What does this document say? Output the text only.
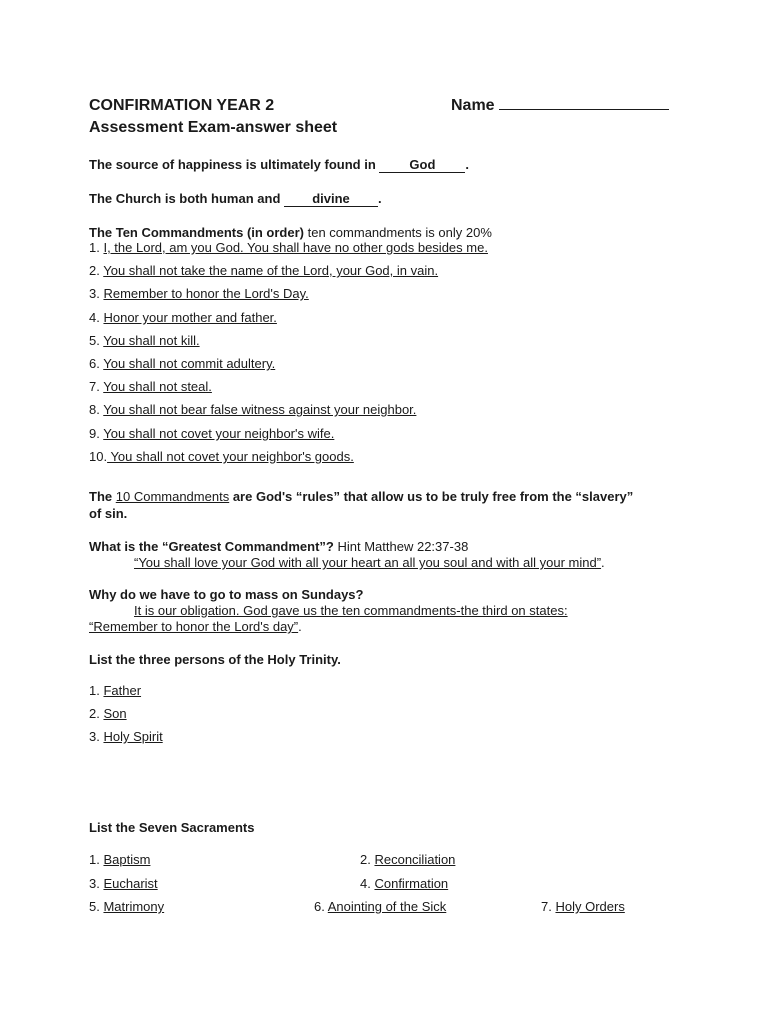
CONFIRMATION YEAR 2	Name
Assessment Exam-answer sheet
The source of happiness is ultimately found in	God .
The Church is both human and divine .
The Ten Commandments (in order) ten commandments is only 20%
1. I, the Lord, am you God. You shall have no other gods besides me.
2. You shall not take the name of the Lord, your God, in vain.
3. Remember to honor the Lord's Day.
4. Honor your mother and father.
5. You shall not kill.
6. You shall not commit adultery.
7. You shall not steal.
8. You shall not bear false witness against your neighbor.
9. You shall not covet your neighbor's wife.
10. You shall not covet your neighbor's goods.
The 10 Commandments are God's “rules” that allow us to be truly free from the “slavery”
of sin.
What is the “Greatest Commandment”? Hint Matthew 22:37-38
“You shall love your God with all your heart an all you soul and with all your mind”.
Why do we have to go to mass on Sundays?
It is our obligation. God gave us the ten commandments-the third on states:
“Remember to honor the Lord's day”.
List the three persons of the Holy Trinity.
1. Father
2. Son
3. Holy Spirit
List the Seven Sacraments
1. Baptism	2. Reconciliation
3. Eucharist	4. Confirmation
5. Matrimony	6. Anointing of the Sick	7. Holy Orders
